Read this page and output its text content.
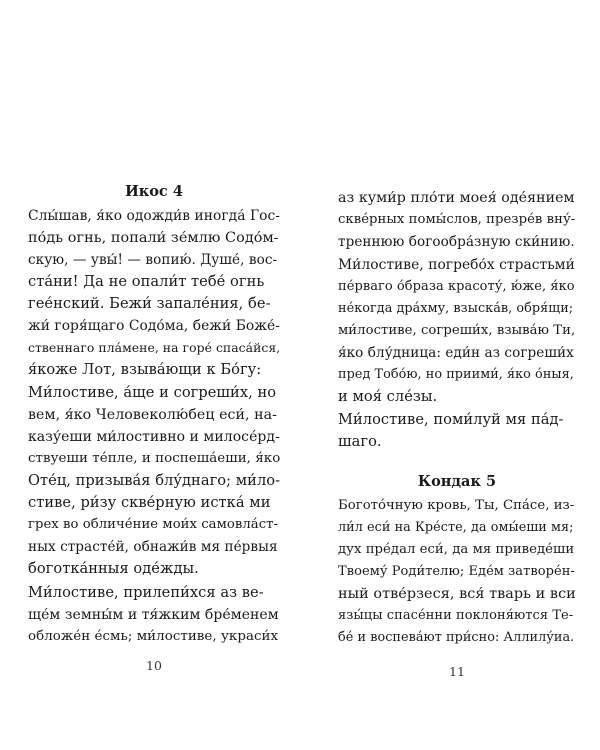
Икос 4
Слы́шав, я́ко одожди́в иногда́ Гос-
по́дь огнь, попали́ зе́млю Содо́м-
скую, — увы́! — вопию́. Душе́, вос-
ста́ни! Да не опали́т тебе́ огнь
гее́нский. Бежи́ запале́ния, бе-
жи́ горя́щаго Содо́ма, бежи́ Боже́-
ственнаго пла́мене, на горе́ спаса́йся,
я́коже Лот, взыва́ющи к Бо́гу:
Ми́лостиве, а́ще и согреши́х, но
вем, я́ко Человеколю́бец еси́, на-
казу́еши ми́лостивно и милосе́рд-
ствуеши те́пле, и поспеша́еши, я́ко
Оте́ц, призыва́я блу́днаго; ми́ло-
стиве, ри́зу скве́рную истка́ ми
грех во обличе́ние мои́х самовла́ст-
ных страсте́й, обнажи́в мя пе́рвыя
боготка́нныя оде́жды.
Ми́лостиве, прилепи́хся аз ве-
ще́м земны́м и тя́жким бре́менем
обложе́н е́смь; ми́лостиве, украси́х
10
аз куми́р пло́ти моея́ оде́янием
скве́рных помы́слов, презре́в вну́-
треннюю богообра́зную ски́нию.
Ми́лостиве, погребо́х страстьми́
пе́рваго о́браза красоту́, ю́же, я́ко
не́когда дра́хму, взыска́в, обря́щи;
ми́лостиве, согреши́х, взыва́ю Ти,
я́ко блу́дница: еди́н аз согреши́х
пред Тобо́ю, но приими́, я́ко о́ныя,
и моя́ сле́зы.
Ми́лостиве, поми́луй мя па́д-
шаго.
Кондак 5
Богото́чную кровь, Ты, Спа́се, из-
ли́л еси́ на Кре́сте, да омы́еши мя;
дух пре́дал еси́, да мя приведе́ши
Твоему́ Роди́телю; Еде́м затворе́н-
ный отве́рзеся, вся́ тварь и вси
язы́цы спасе́нни поклоня́ются Те-
бе́ и воспева́ют при́сно: Аллилу́иа.
11
